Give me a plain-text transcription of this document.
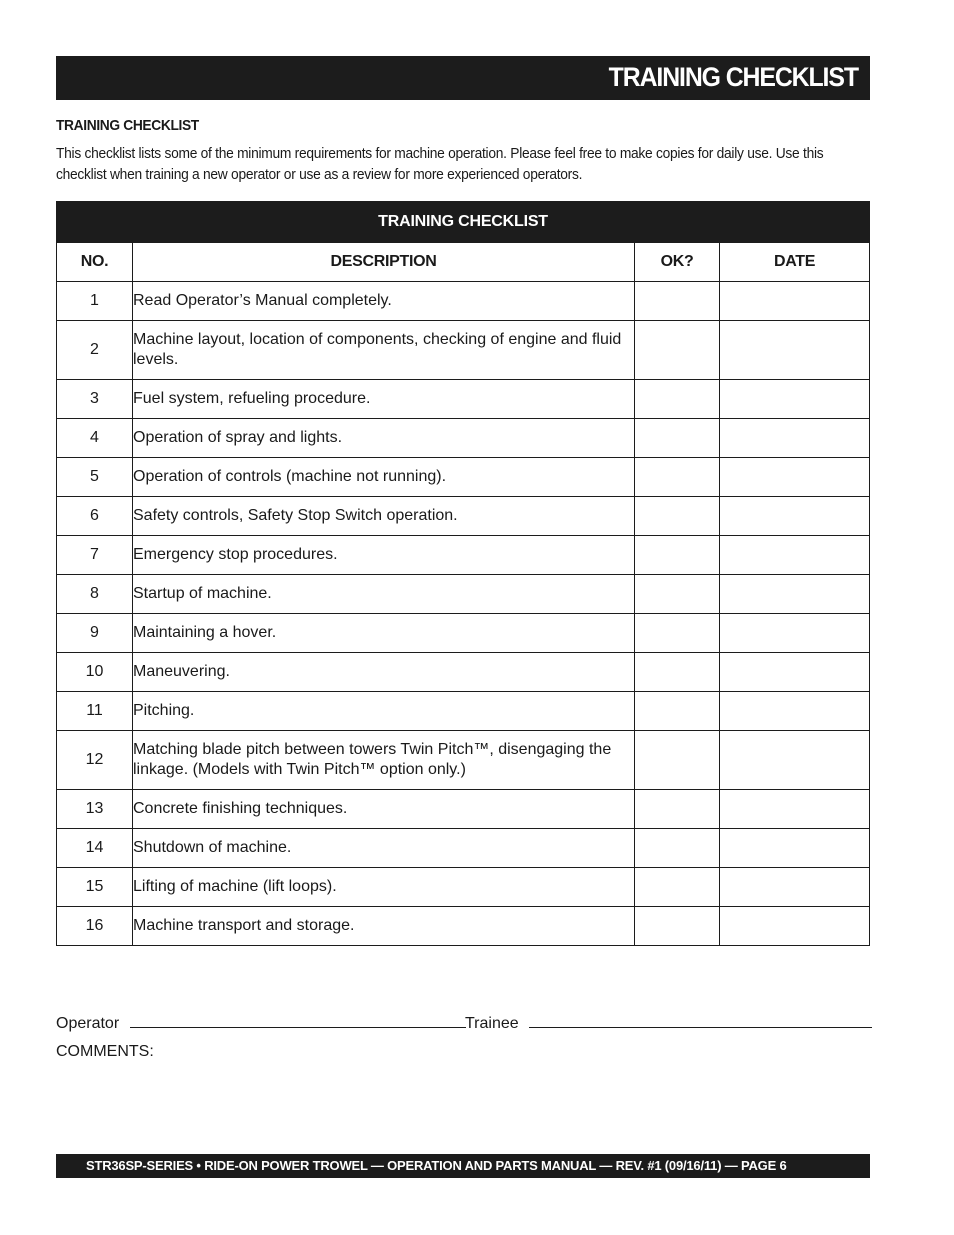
TRAINING CHECKLIST
TRAINING CHECKLIST
This checklist lists some of the minimum requirements for machine operation. Please feel free to make copies for daily use. Use this checklist when training a new operator or use as a review for more experienced operators.
TRAINING CHECKLIST			
NO.	DESCRIPTION	OK?	DATE
1	Read Operator’s Manual completely.		
2	Machine layout, location of components, checking of engine and fluid levels.		
3	Fuel system, refueling procedure.		
4	Operation of spray and lights.		
5	Operation of controls (machine not running).		
6	Safety controls, Safety Stop Switch operation.		
7	Emergency stop procedures.		
8	Startup of machine.		
9	Maintaining a hover.		
10	Maneuvering.		
11	Pitching.		
12	Matching blade pitch between towers Twin Pitch™, disengaging the linkage. (Models with Twin Pitch™ option only.)		
13	Concrete finishing techniques.		
14	Shutdown of machine.		
15	Lifting of machine (lift loops).		
16	Machine transport and storage.		
Operator	Trainee
COMMENTS:
STR36SP-SERIES • RIDE-ON POWER TROWEL — OPERATION AND PARTS MANUAL — REV. #1 (09/16/11) — PAGE 6
